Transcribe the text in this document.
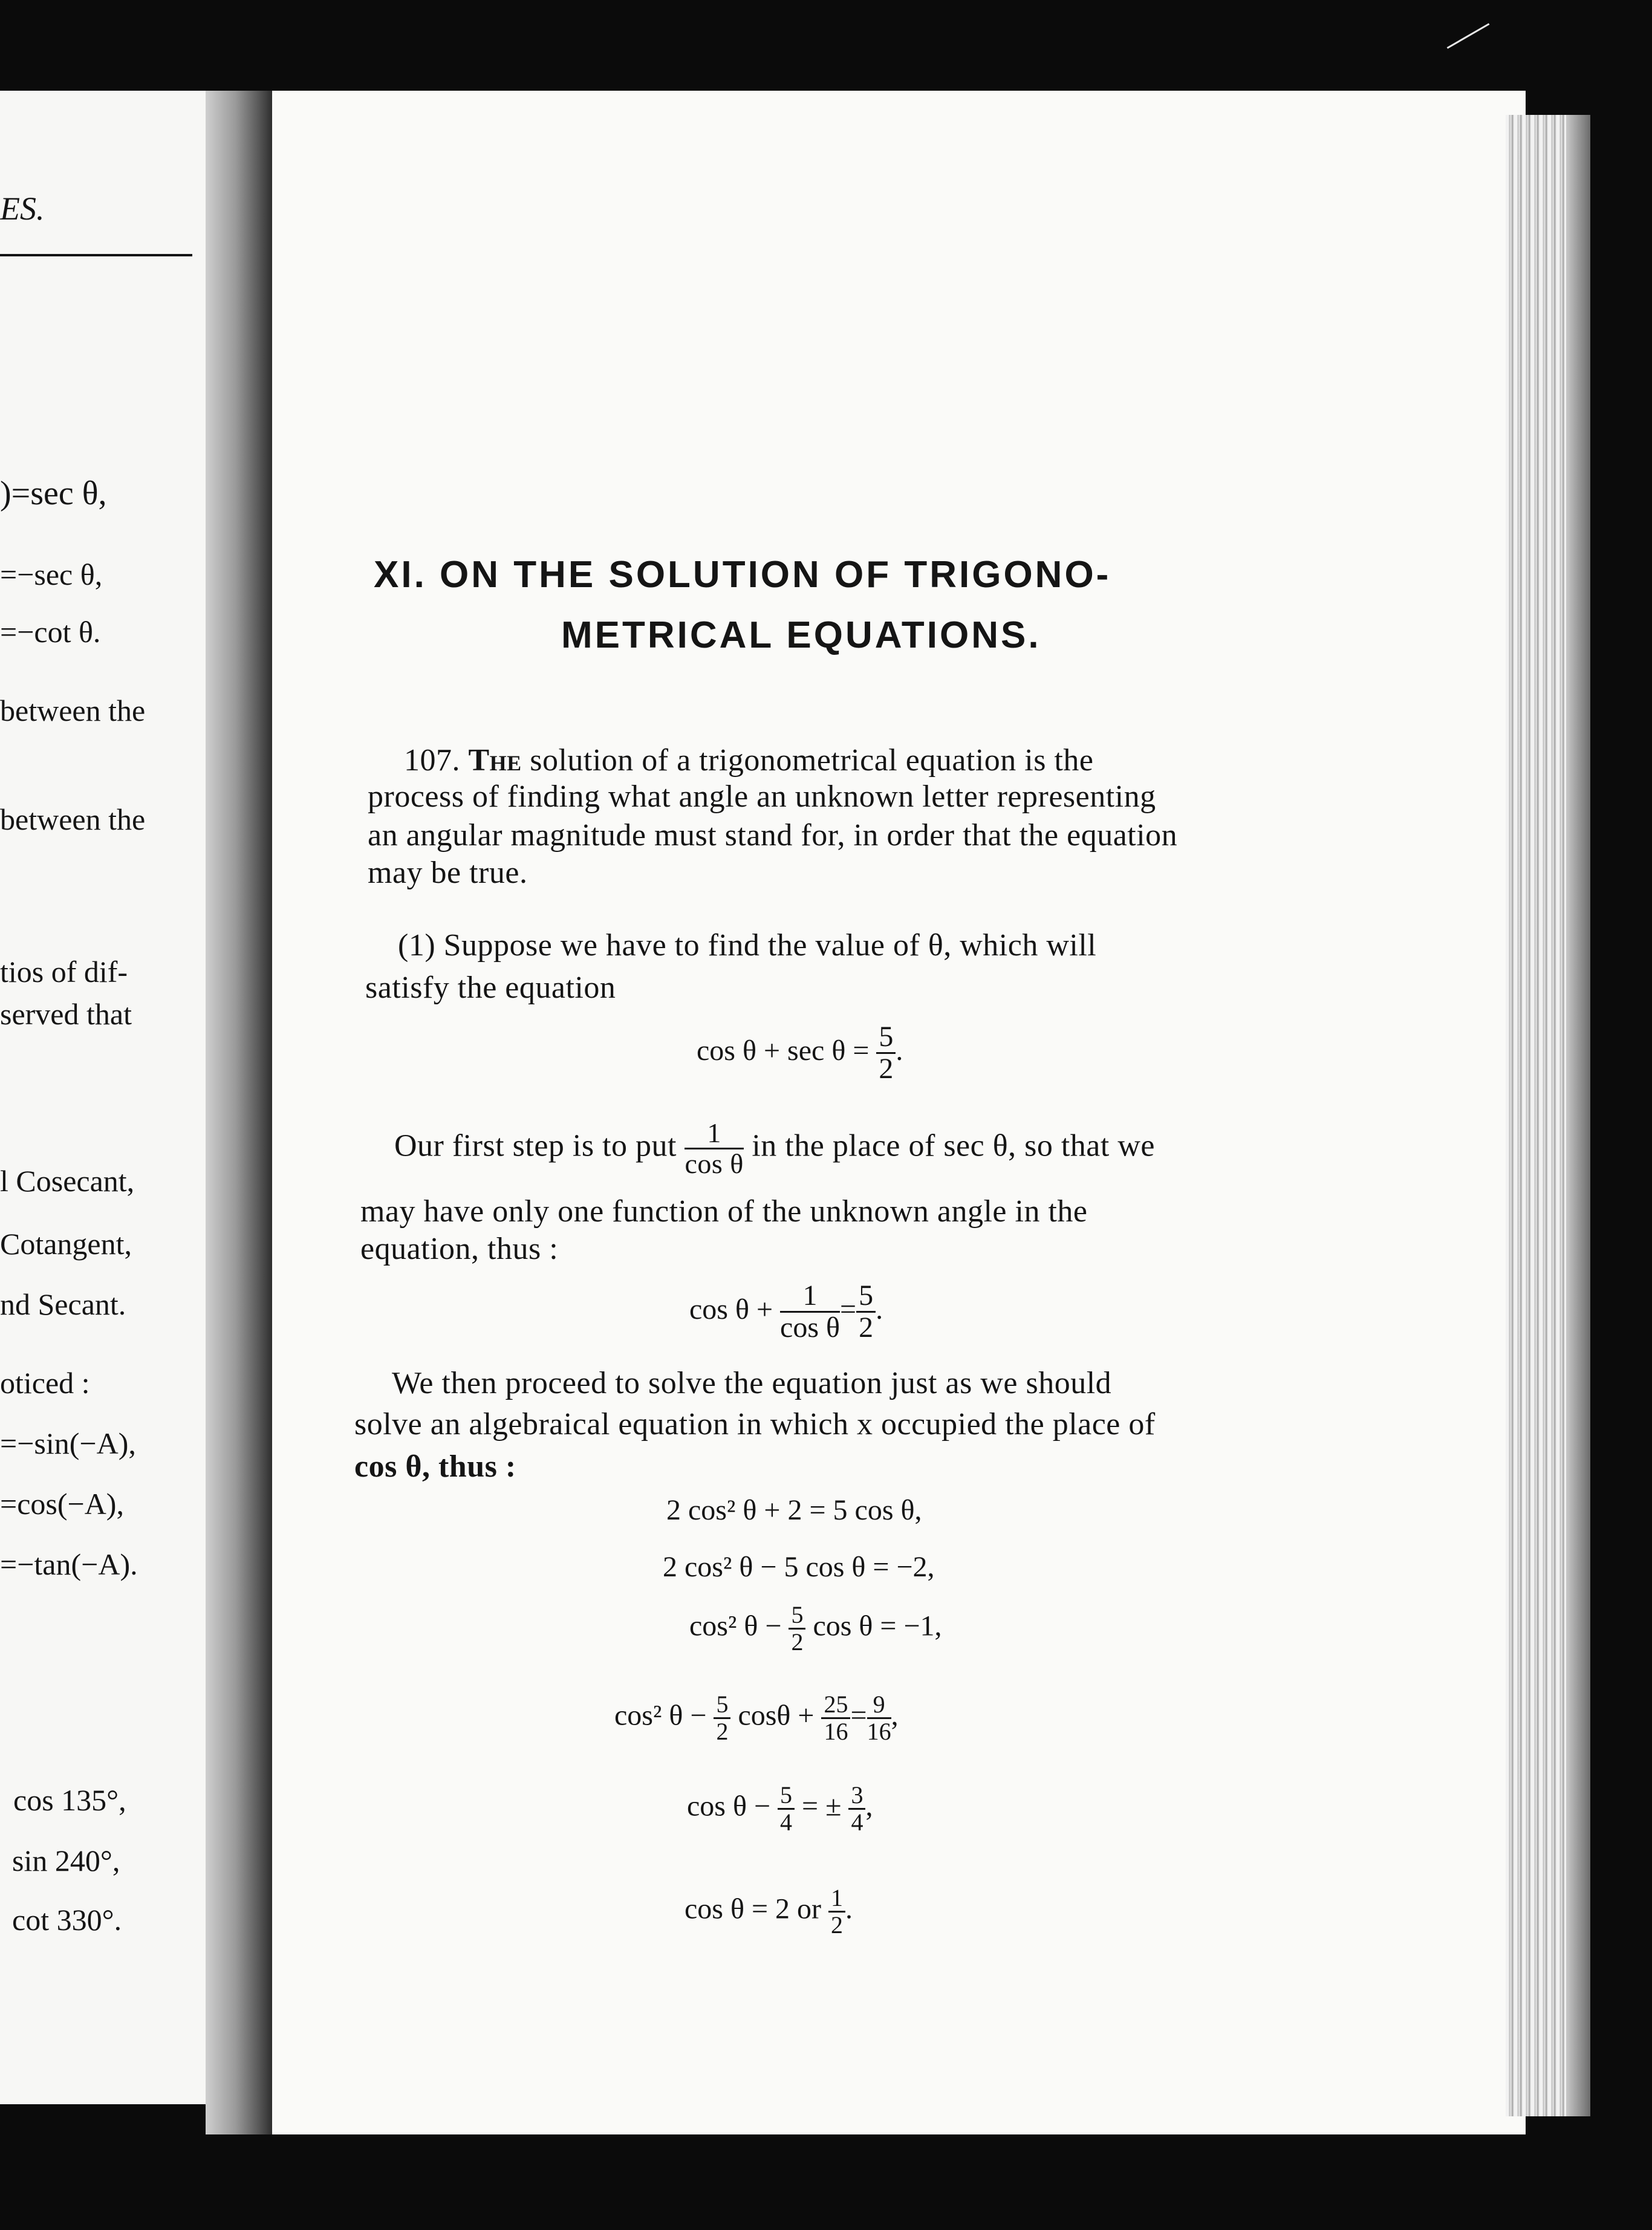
ES.
)=sec θ,
=−sec θ,
=−cot θ.
between the
between the
tios of dif-
served that
l Cosecant,
Cotangent,
nd Secant.
oticed :
=−sin(−A),
=cos(−A),
=−tan(−A).
cos 135°,
sin 240°,
cot 330°.
XI. ON THE SOLUTION OF TRIGONO-
METRICAL EQUATIONS.
107. The solution of a trigonometrical equation is the
process of finding what angle an unknown letter representing
an angular magnitude must stand for, in order that the equation
may be true.
(1) Suppose we have to find the value of θ, which will
satisfy the equation
$\cos \theta + \sec \theta = \frac{5}{2}$ .
Our first step is to put $\frac{1}{\text{cos θ}}$ in the place of sec θ, so that we
may have only one function of the unknown angle in the
equation, thus :
$\cos \theta + \frac{1}{\text{cos θ}} = \frac{5}{2}$ .
We then proceed to solve the equation just as we should
solve an algebraical equation in which x occupied the place of
cos θ, thus :
2 cos² θ + 2 = 5 cos θ,
2 cos² θ − 5 cos θ = −2,
cos² $\theta - \frac{5}{2}$ cos θ = −1,
cos² $\theta - \frac{5}{2}$ $\cos\theta + \frac{25}{16} = \frac{9}{16}$ ,
$\cos \theta - \frac{5}{4}$ = ± $\frac{3}{4}$ ,
cos θ = 2 or $\frac{1}{2}$ .
